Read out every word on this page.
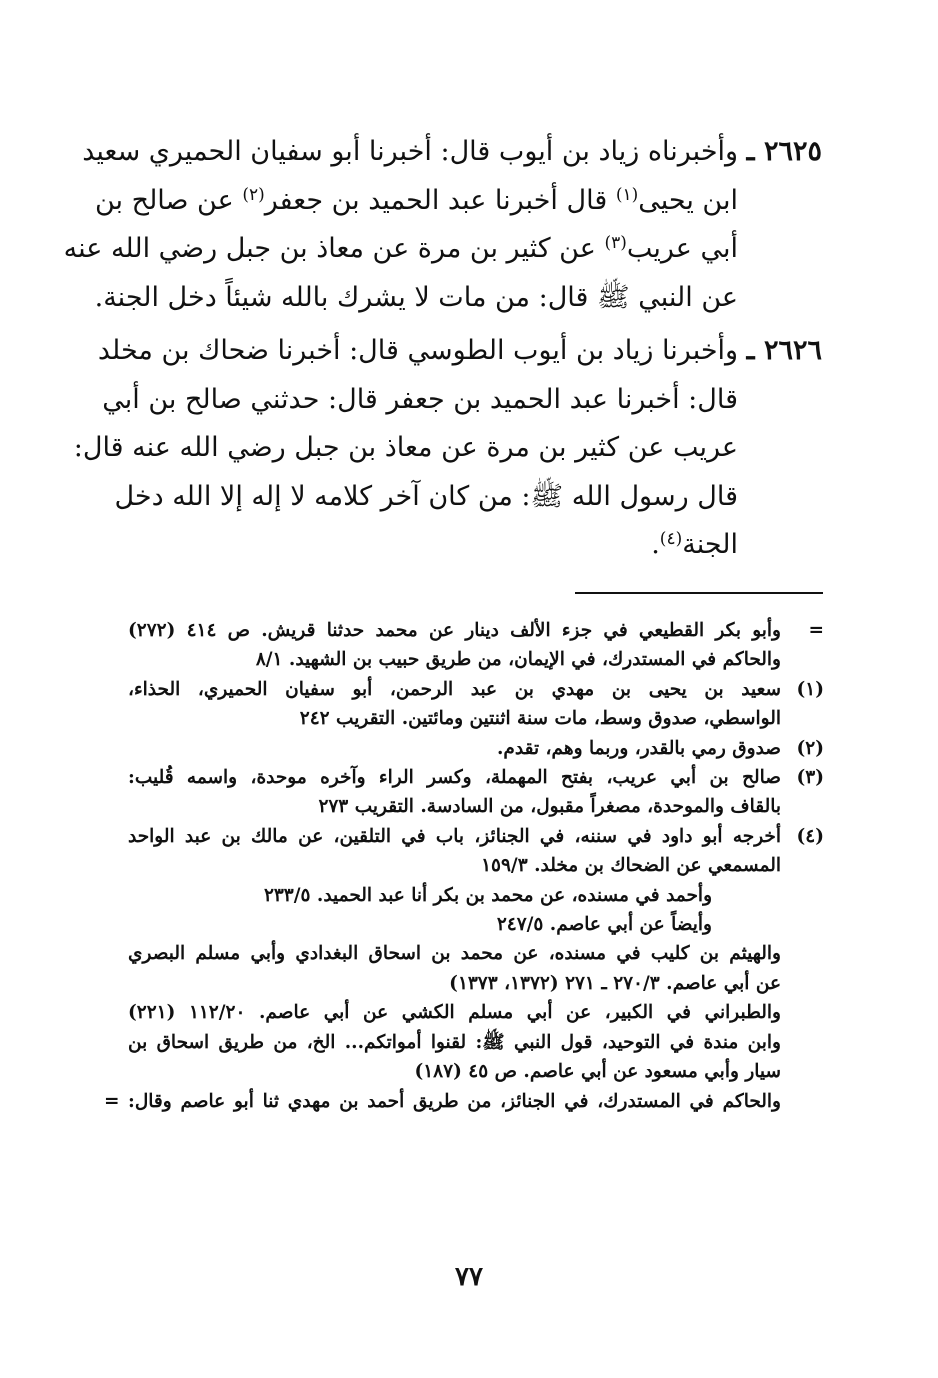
٢٦٢٥ ـ وأخبرناه زياد بن أيوب قال: أخبرنا أبو سفيان الحميري سعيد
ابن يحيى$^{(١)}$ قال أخبرنا عبد الحميد بن جعفر$^{(٢)}$ عن صالح بن
أبي عريب$^{(٣)}$ عن كثير بن مرة عن معاذ بن جبل رضي الله عنه
عن النبي ﷺ قال: من مات لا يشرك بالله شيئاً دخل الجنة.
٢٦٢٦ ـ وأخبرنا زياد بن أيوب الطوسي قال: أخبرنا ضحاك بن مخلد
قال: أخبرنا عبد الحميد بن جعفر قال: حدثني صالح بن أبي
عريب عن كثير بن مرة عن معاذ بن جبل رضي الله عنه قال:
قال رسول الله ﷺ: من كان آخر كلامه لا إله إلا الله دخل
الجنة$^{(٤)}$.
=
وأبو بكر القطيعي في جزء الألف دينار عن محمد حدثنا قريش. ص ٤١٤ (٢٧٢)
والحاكم في المستدرك، في الإيمان، من طريق حبيب بن الشهيد. ٨/١
(١)
سعيد بن يحيى بن مهدي بن عبد الرحمن، أبو سفيان الحميري، الحذاء،
الواسطي، صدوق وسط، مات سنة اثنتين ومائتين. التقريب ٢٤٢
(٢)
صدوق رمي بالقدر، وربما وهم، تقدم.
(٣)
صالح بن أبي عريب، بفتح المهملة، وكسر الراء وآخره موحدة، واسمه قُليب:
بالقاف والموحدة، مصغراً مقبول، من السادسة. التقريب ٢٧٣
(٤)
أخرجه أبو داود في سننه، في الجنائز، باب في التلقين، عن مالك بن عبد الواحد
المسمعي عن الضحاك بن مخلد. ١٥٩/٣
وأحمد في مسنده، عن محمد بن بكر أنا عبد الحميد. ٢٣٣/٥
وأيضاً عن أبي عاصم. ٢٤٧/٥
والهيثم بن كليب في مسنده، عن محمد بن اسحاق البغدادي وأبي مسلم البصري
عن أبي عاصم. ٢٧٠/٣ ـ ٢٧١ (١٣٧٢، ١٣٧٣)
والطبراني في الكبير، عن أبي مسلم الكشي عن أبي عاصم. ١١٢/٢٠ (٢٢١)
وابن مندة في التوحيد، قول النبي ﷺ: لقنوا أمواتكم... الخ، من طريق اسحاق بن
سيار وأبي مسعود عن أبي عاصم. ص ٤٥ (١٨٧)
والحاكم في المستدرك، في الجنائز، من طريق أحمد بن مهدي ثنا أبو عاصم وقال:
=
٧٧
